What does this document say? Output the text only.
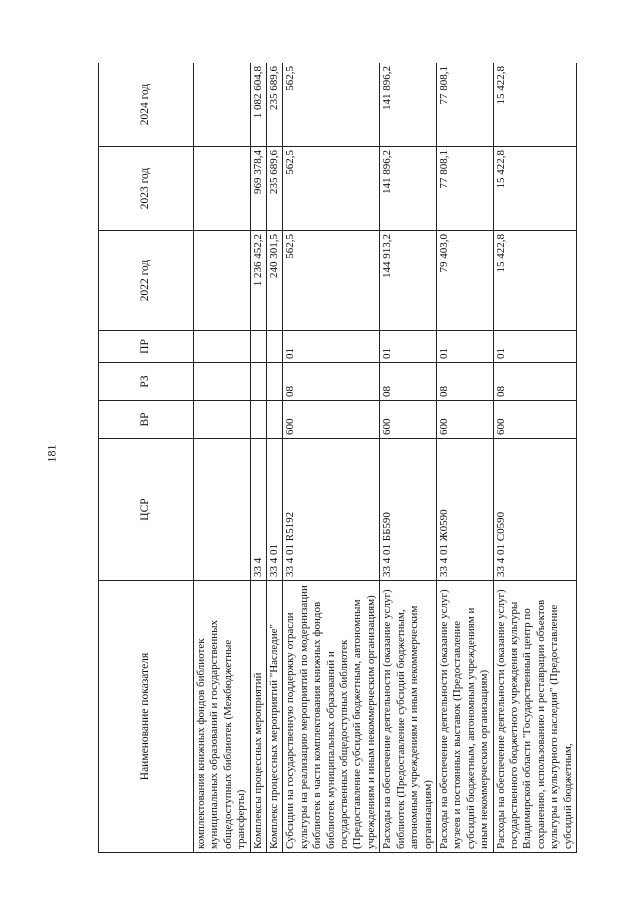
181
Наименование показателя	ЦСР	ВР	РЗ	ПР	2022 год	2023 год	2024 год
комплектования книжных фондов библиотек муниципальных образований и государственных общедоступных библиотек (Межбюджетные трансферты)							
Комплексы процессных мероприятий	33 4				1 236 452,2	969 378,4	1 082 604,8
Комплекс процессных мероприятий "Наследие"	33 4 01				240 301,5	235 689,6	235 689,6
Субсидии на государственную поддержку отрасли культуры на реализацию мероприятий по модернизации библиотек в части комплектования книжных фондов библиотек муниципальных образований и государственных общедоступных библиотек (Предоставление субсидий бюджетным, автономным учреждениям и иным некоммерческим организациям)	33 4 01 R5192	600	08	01	562,5	562,5	562,5
Расходы на обеспечение деятельности (оказание услуг) библиотек (Предоставление субсидий бюджетным, автономным учреждениям и иным некоммерческим организациям)	33 4 01 ББ590	600	08	01	144 913,2	141 896,2	141 896,2
Расходы на обеспечение деятельности (оказание услуг) музеев и постоянных выставок (Предоставление субсидий бюджетным, автономным учреждениям и иным некоммерческим организациям)	33 4 01 Ж0590	600	08	01	79 403,0	77 808,1	77 808,1
Расходы на обеспечение деятельности (оказание услуг) государственного бюджетного учреждения культуры Владимирской области "Государственный центр по сохранению, использованию и реставрации объектов культуры и культурного наследия" (Предоставление субсидий бюджетным,	33 4 01 С0590	600	08	01	15 422,8	15 422,8	15 422,8
